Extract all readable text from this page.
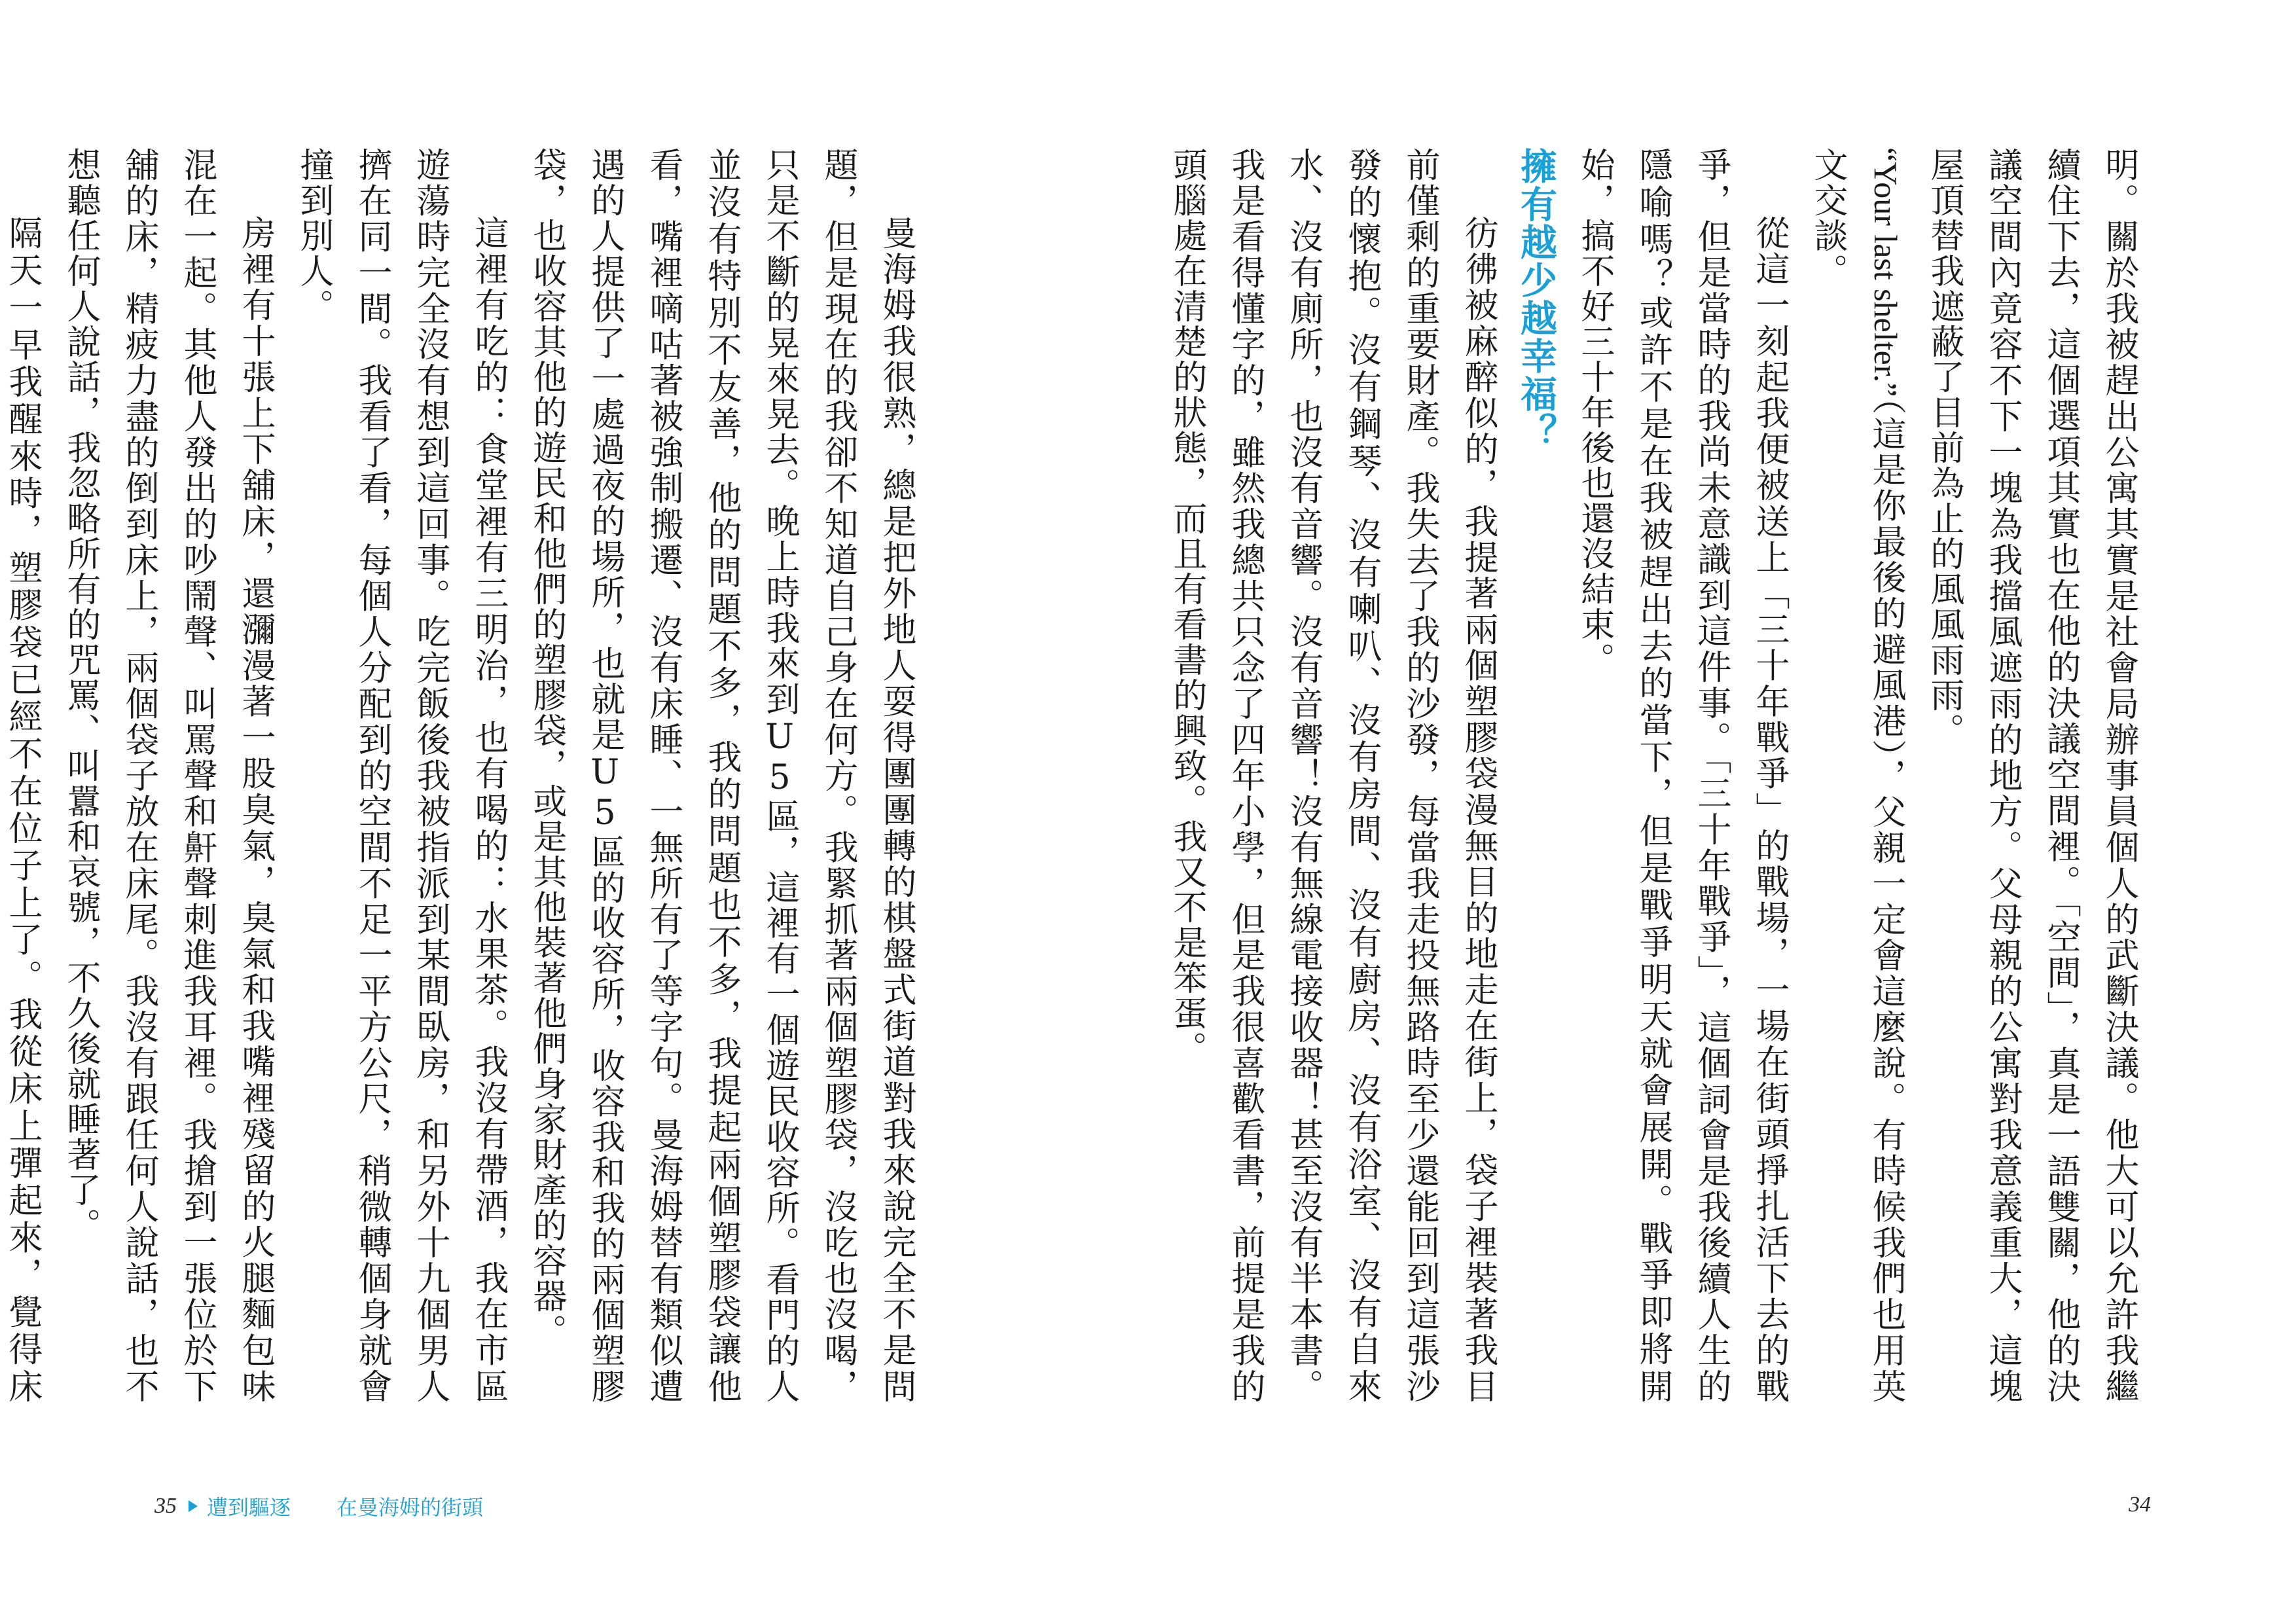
曼海姆我很熟，總是把外地人耍得團團轉的棋盤式街道對我來說完全不是問題，但是現在的我卻不知道自己身在何方。我緊抓著兩個塑膠袋，沒吃也沒喝，只是不斷的晃來晃去。晚上時我來到U5區，這裡有一個遊民收容所。看門的人並沒有特別不友善，他的問題不多，我的問題也不多，我提起兩個塑膠袋讓他看，嘴裡嘀咕著被強制搬遷、沒有床睡、一無所有了等字句。曼海姆替有類似遭遇的人提供了一處過夜的場所，也就是U5區的收容所，收容我和我的兩個塑膠袋，也收容其他的遊民和他們的塑膠袋，或是其他裝著他們身家財產的容器。

這裡有吃的：食堂裡有三明治，也有喝的：水果茶。我沒有帶酒，我在市區遊蕩時完全沒有想到這回事。吃完飯後我被指派到某間臥房，和另外十九個男人擠在同一間。我看了看，每個人分配到的空間不足一平方公尺，稍微轉個身就會撞到別人。

房裡有十張上下舖床，還瀰漫著一股臭氣，臭氣和我嘴裡殘留的火腿麵包味混在一起。其他人發出的吵鬧聲、叫罵聲和鼾聲刺進我耳裡。我搶到一張位於下舖的床，精疲力盡的倒到床上，兩個袋子放在床尾。我沒有跟任何人說話，也不想聽任何人說話，我忽略所有的咒罵、叫囂和哀號，不久後就睡著了。

隔天一早我醒來時，塑膠袋已經不在位子上了。我從床上彈起來，覺得床

35 遭到驅逐 在曼海姆的街頭

明。關於我被趕出公寓其實是社會局辦事員個人的武斷決議。他大可以允許我繼續住下去，這個選項其實也在他的決議空間裡。「空間」，真是一語雙關，他的決議空間內竟容不下一塊為我擋風遮雨的地方。父母親的公寓對我意義重大，這塊屋頂替我遮蔽了目前為止的風風雨雨。

“Your last shelter.”（這是你最後的避風港），父親一定會這麼說。有時候我們也用英文交談。

從這一刻起我便被送上「三十年戰爭」的戰場，一場在街頭掙扎活下去的戰爭，但是當時的我尚未意識到這件事。「三十年戰爭」，這個詞會是我後續人生的隱喻嗎？或許不是在我被趕出去的當下，但是戰爭明天就會展開。戰爭即將開始，搞不好三十年後也還沒結束。

擁有越少越幸福？

彷彿被麻醉似的，我提著兩個塑膠袋漫無目的地走在街上，袋子裡裝著我目前僅剩的重要財產。我失去了我的沙發，每當我走投無路時至少還能回到這張沙發的懷抱。沒有鋼琴、沒有喇叭、沒有房間、沒有廚房、沒有浴室、沒有自來水、沒有廁所，也沒有音響。沒有音響！沒有無線電接收器！甚至沒有半本書。我是看得懂字的，雖然我總共只念了四年小學，但是我很喜歡看書，前提是我的頭腦處在清楚的狀態，而且有看書的興致。我又不是笨蛋。

34
